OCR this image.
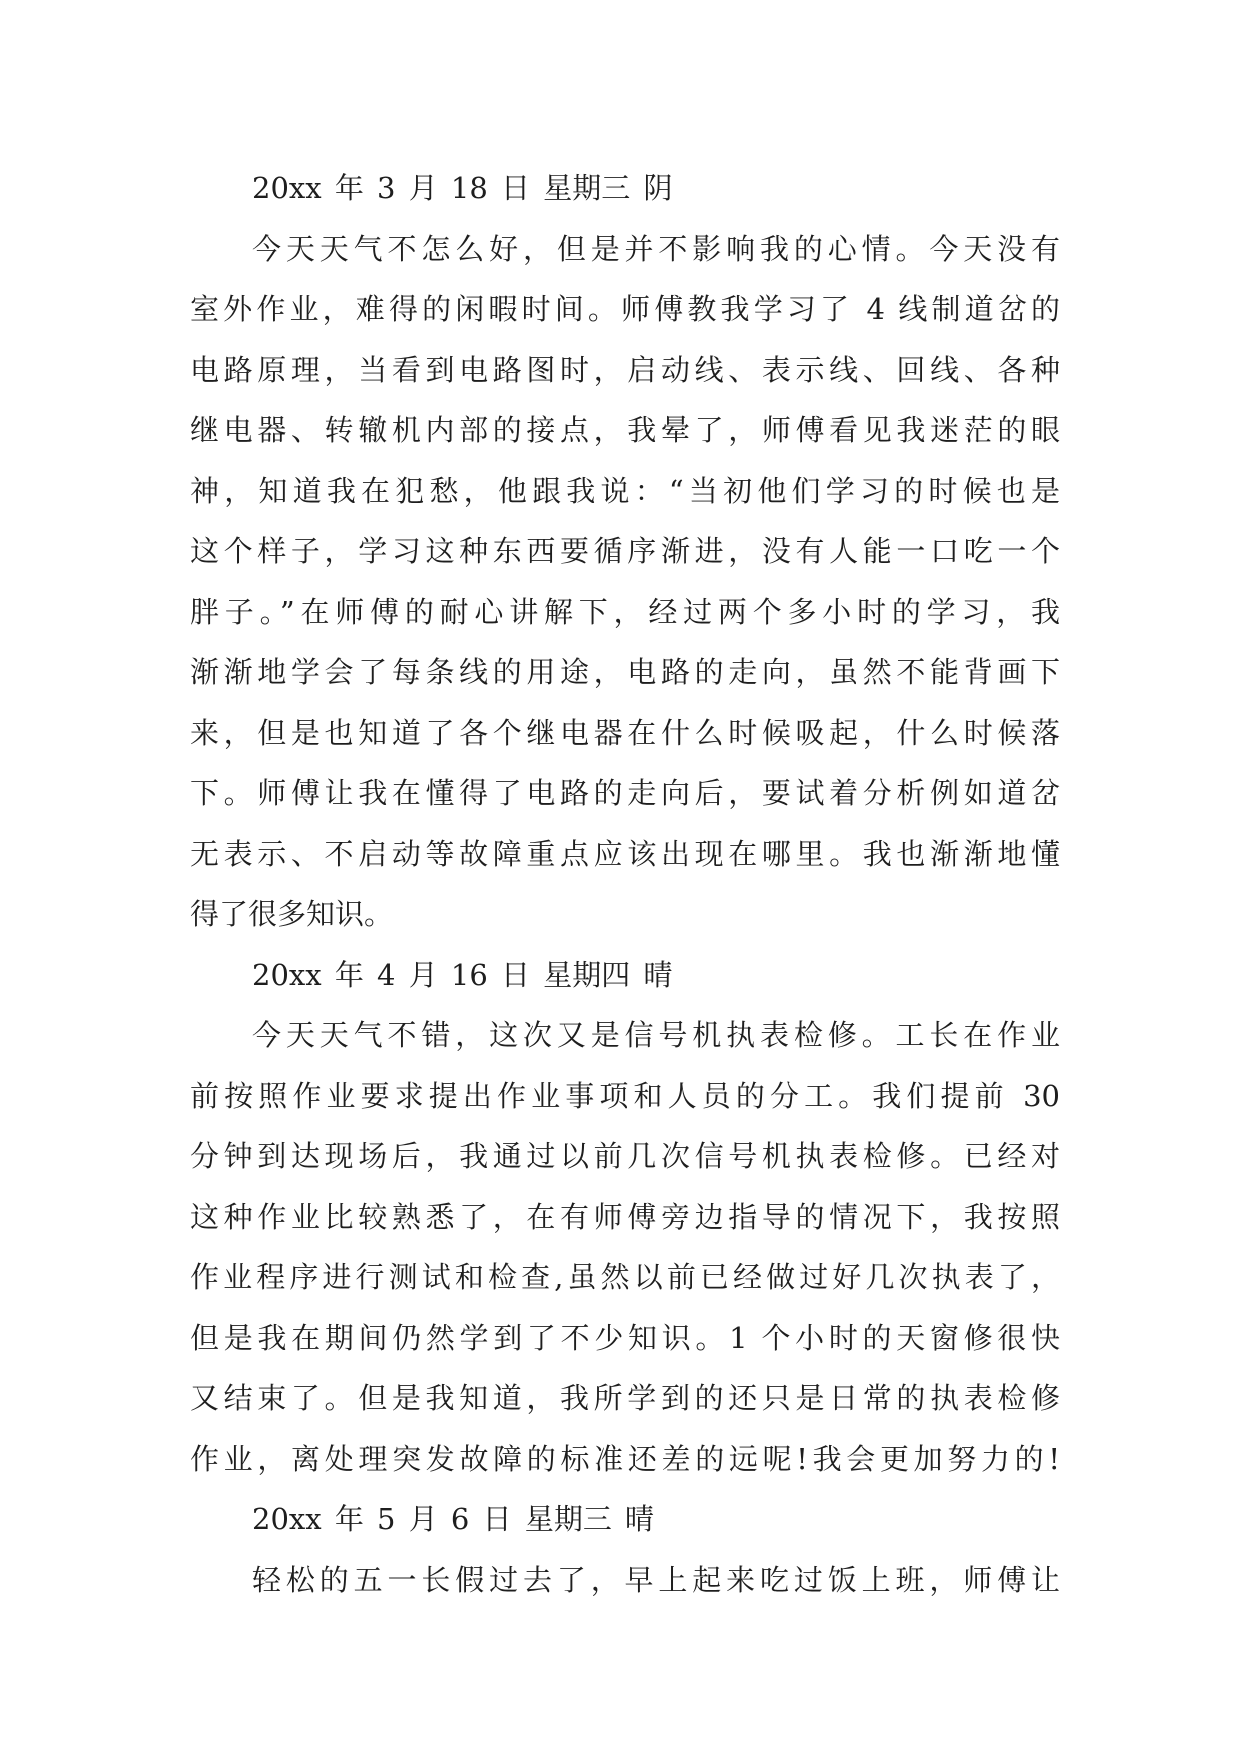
20xx 年 3 月 18 日 星期三 阴
今天天气不怎么好，但是并不影响我的心情。今天没有
室外作业，难得的闲暇时间。师傅教我学习了 4 线制道岔的
电路原理，当看到电路图时，启动线、表示线、回线、各种
继电器、转辙机内部的接点，我晕了，师傅看见我迷茫的眼
神，知道我在犯愁，他跟我说：“当初他们学习的时候也是
这个样子，学习这种东西要循序渐进，没有人能一口吃一个
胖子。”在师傅的耐心讲解下，经过两个多小时的学习，我
渐渐地学会了每条线的用途，电路的走向，虽然不能背画下
来，但是也知道了各个继电器在什么时候吸起，什么时候落
下。师傅让我在懂得了电路的走向后，要试着分析例如道岔
无表示、不启动等故障重点应该出现在哪里。我也渐渐地懂
得了很多知识。
20xx 年 4 月 16 日 星期四 晴
今天天气不错，这次又是信号机执表检修。工长在作业
前按照作业要求提出作业事项和人员的分工。我们提前 30
分钟到达现场后，我通过以前几次信号机执表检修。已经对
这种作业比较熟悉了，在有师傅旁边指导的情况下，我按照
作业程序进行测试和检查,虽然以前已经做过好几次执表了，
但是我在期间仍然学到了不少知识。1 个小时的天窗修很快
又结束了。但是我知道，我所学到的还只是日常的执表检修
作业，离处理突发故障的标准还差的远呢!我会更加努力的!
20xx 年 5 月 6 日 星期三 晴
轻松的五一长假过去了，早上起来吃过饭上班，师傅让
